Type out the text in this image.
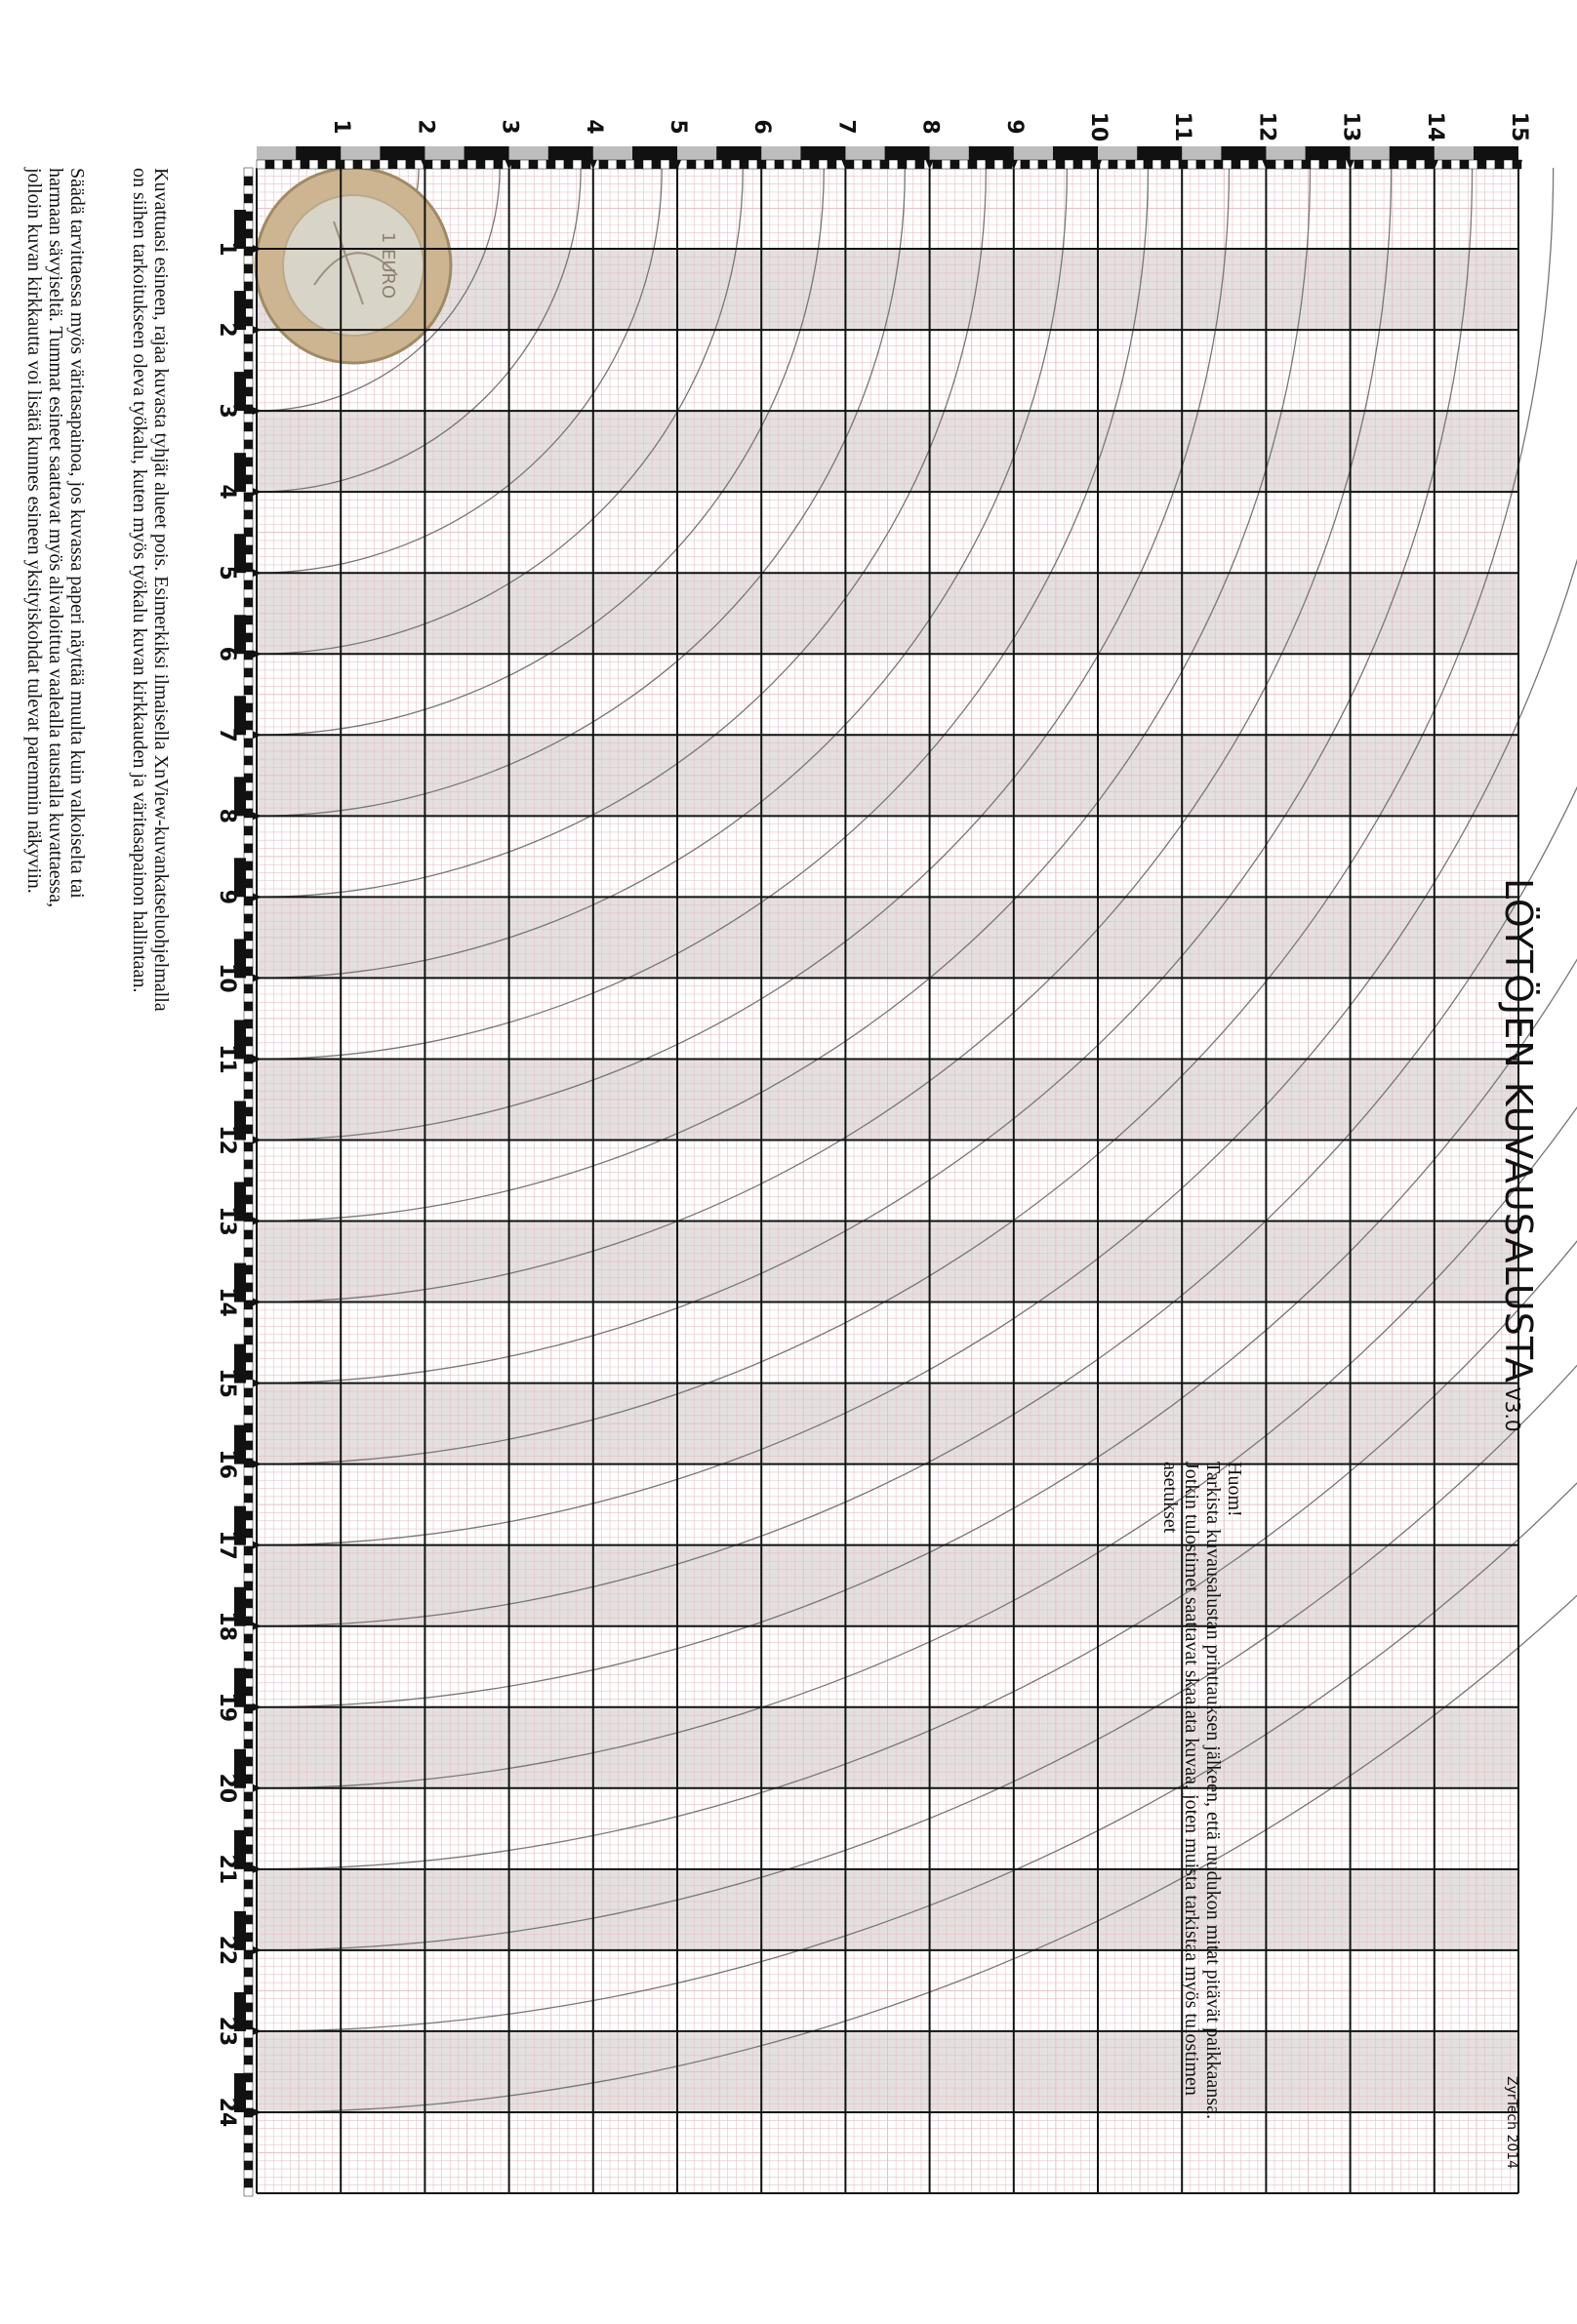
1 EURO
1	2	3	4	5	6	7	8	9	10	11	12	13	14	15
1
2
3
4
5
6
7
8
9
10
11
12
13
14
15
16
17
18
19
20
21
22
23
24
LÖYTÖJEN KUVAUSALUSTA V3.0
ZyrTech 2014

Huom!

Tarkista kuvausalustan printtauksen jälkeen, että ruudukon mitat pitävät paikkaansa.

Jotkin tulostimet saattavat skaalata kuvaa, joten muista tarkistaa myös tulostimen

asetukset

Kuvattuasi esineen, rajaa kuvasta tyhjät alueet pois. Esimerkiksi ilmaisella XnView-kuvankatseluohjelmalla
on siihen tarkoitukseen oleva työkalu, kuten myös työkalu kuvan kirkkauden ja väritasapainon hallintaan.
Säädä tarvittaessa myös väritasapainoa, jos kuvassa paperi näyttää muulta kuin valkoiselta tai
harmaan sävyiseltä. Tummat esineet saattavat myös alivaloittua vaalealla taustalla kuvattaessa,
jolloin kuvan kirkkautta voi lisätä kunnes esineen yksityiskohdat tulevat paremmin näkyviin.
